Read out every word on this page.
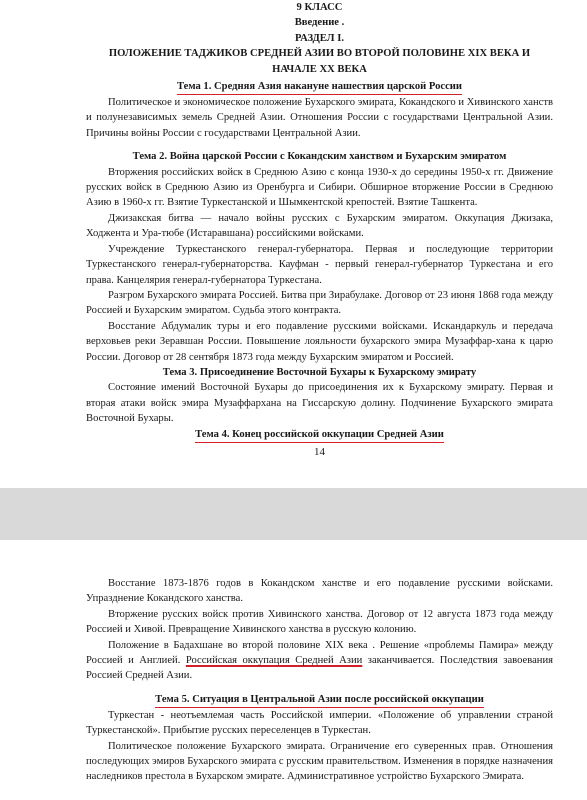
9 КЛАСС

Введение .

РАЗДЕЛ I.

ПОЛОЖЕНИЕ ТАДЖИКОВ СРЕДНЕЙ АЗИИ ВО ВТОРОЙ ПОЛОВИНЕ XIX ВЕКА И НАЧАЛЕ XX ВЕКА

Тема 1. Средняя Азия накануне нашествия царской России

Политическое и экономическое положение Бухарского эмирата, Кокандского и Хивинского ханств и полунезависимых земель Средней Азии. Отношения России с государствами Центральной Азии. Причины войны России с государствами Центральной Азии.

Тема 2. Война царской России с Кокандским ханством и Бухарским эмиратом

Вторжения российских войск в Среднюю Азию с конца 1930-х до середины 1950-х гг. Движение русских войск в Среднюю Азию из Оренбурга и Сибири. Обширное вторжение России в Среднюю Азию в 1960-х гг. Взятие Туркестанской и Шымкентской крепостей. Взятие Ташкента.

Джизакская битва — начало войны русских с Бухарским эмиратом. Оккупация Джизака, Ходжента и Ура-тюбе (Истаравшана) российскими войсками.

Учреждение Туркестанского генерал-губернатора. Первая и последующие территории Туркестанского генерал-губернаторства. Кауфман - первый генерал-губернатор Туркестана и его права. Канцелярия генерал-губернатора Туркестана.

Разгром Бухарского эмирата Россией. Битва при Зирабулаке. Договор от 23 июня 1868 года между Россией и Бухарским эмиратом. Судьба этого контракта.

Восстание Абдумалик туры и его подавление русскими войсками. Искандаркуль и передача верховьев реки Зеравшан России. Повышение лояльности бухарского эмира Музаффар-хана к царю России. Договор от 28 сентября 1873 года между Бухарским эмиратом и Россией.

Тема 3. Присоединение Восточной Бухары к Бухарскому эмирату

Состояние имений Восточной Бухары до присоединения их к Бухарскому эмирату. Первая и вторая атаки войск эмира Музаффархана на Гиссарскую долину. Подчинение Бухарского эмирата Восточной Бухары.

Тема 4. Конец российской оккупации Средней Азии

14

Восстание 1873-1876 годов в Кокандском ханстве и его подавление русскими войсками. Упразднение Кокандского ханства.

Вторжение русских войск против Хивинского ханства. Договор от 12 августа 1873 года между Россией и Хивой. Превращение Хивинского ханства в русскую колонию.

Положение в Бадахшане во второй половине XIX века . Решение «проблемы Памира» между Россией и Англией. Российская оккупация Средней Азии заканчивается. Последствия завоевания Россией Средней Азии.

Тема 5. Ситуация в Центральной Азии после российской оккупации

Туркестан - неотъемлемая часть Российской империи. «Положение об управлении страной Туркестанской». Прибытие русских переселенцев в Туркестан.

Политическое положение Бухарского эмирата. Ограничение его суверенных прав. Отношения последующих эмиров Бухарского эмирата с русским правительством. Изменения в порядке назначения наследников престола в Бухарском эмирате. Административное устройство Бухарского Эмирата.
